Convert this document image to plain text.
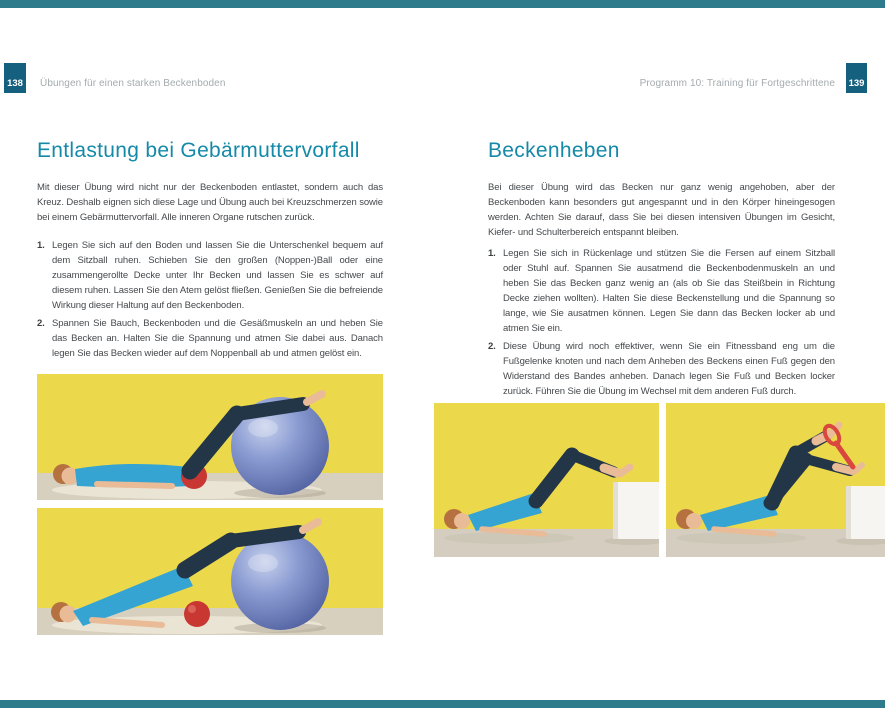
138	Übungen für einen starken Beckenboden
Entlastung bei Gebärmuttervorfall

Mit dieser Übung wird nicht nur der Beckenboden entlastet, sondern auch das Kreuz. Deshalb eignen sich diese Lage und Übung auch bei Kreuzschmerzen sowie bei einem Gebärmuttervorfall. Alle inneren Organe rutschen zurück.

1. Legen Sie sich auf den Boden und lassen Sie die Unterschenkel bequem auf dem Sitzball ruhen. Schieben Sie den großen (Noppen-)Ball oder eine zusammengerollte Decke unter Ihr Becken und lassen Sie es schwer auf diesem ruhen. Lassen Sie den Atem gelöst fließen. Genießen Sie die befreiende Wirkung dieser Haltung auf den Beckenboden.
2. Spannen Sie Bauch, Beckenboden und die Gesäßmuskeln an und heben Sie das Becken an. Halten Sie die Spannung und atmen Sie dabei aus. Danach legen Sie das Becken wieder auf dem Noppenball ab und atmen gelöst ein.
139
Programm 10: Training für Fortgeschrittene
Beckenheben

Bei dieser Übung wird das Becken nur ganz wenig angehoben, aber der Beckenboden kann besonders gut angespannt und in den Körper hineingesogen werden. Achten Sie darauf, dass Sie bei diesen intensiven Übungen im Gesicht, Kiefer- und Schulterbereich entspannt bleiben.

1. Legen Sie sich in Rückenlage und stützen Sie die Fersen auf einem Sitzball oder Stuhl auf. Spannen Sie ausatmend die Beckenbodenmuskeln an und heben Sie das Becken ganz wenig an (als ob Sie das Steißbein in Richtung Decke ziehen wollten). Halten Sie diese Beckenstellung und die Spannung so lange, wie Sie ausatmen können. Legen Sie dann das Becken locker ab und atmen Sie ein.
2. Diese Übung wird noch effektiver, wenn Sie ein Fitnessband eng um die Fußgelenke knoten und nach dem Anheben des Beckens einen Fuß gegen den Widerstand des Bandes anheben. Danach legen Sie Fuß und Becken locker zurück. Führen Sie die Übung im Wechsel mit dem anderen Fuß durch.
